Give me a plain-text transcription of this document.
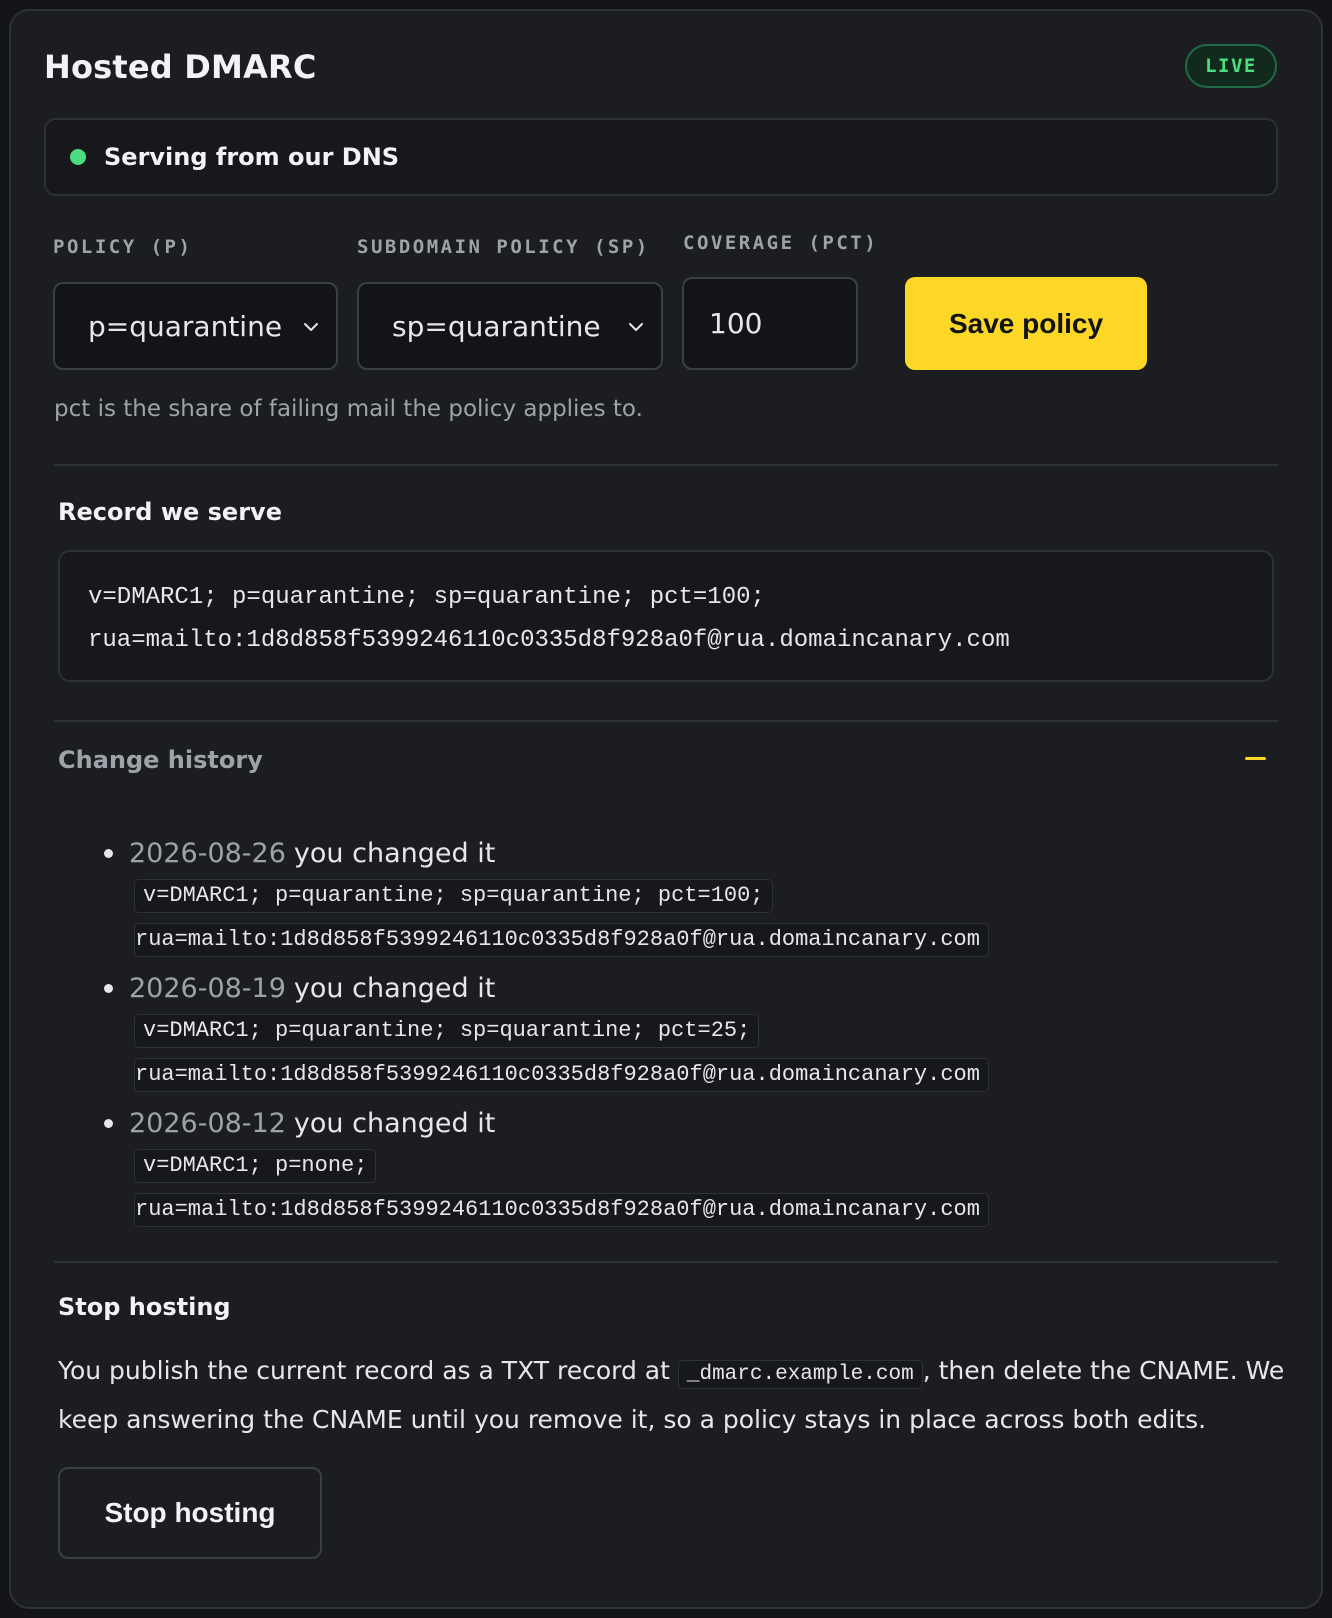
Hosted DMARC	LIVE
Serving from our DNS
POLICY (P)
p=quarantine
SUBDOMAIN POLICY (SP)
sp=quarantine
COVERAGE (PCT)
100	Save policy
pct is the share of failing mail the policy applies to.
Record we serve
v=DMARC1; p=quarantine; sp=quarantine; pct=100;
rua=mailto:1d8d858f5399246110c0335d8f928a0f@rua.domaincanary.com
Change history
2026-08-26 you changed it
v=DMARC1; p=quarantine; sp=quarantine; pct=100;
rua=mailto:1d8d858f5399246110c0335d8f928a0f@rua.domaincanary.com
2026-08-19 you changed it
v=DMARC1; p=quarantine; sp=quarantine; pct=25;
rua=mailto:1d8d858f5399246110c0335d8f928a0f@rua.domaincanary.com
2026-08-12 you changed it
v=DMARC1; p=none;
rua=mailto:1d8d858f5399246110c0335d8f928a0f@rua.domaincanary.com
Stop hosting
You publish the current record as a TXT record at _dmarc.example.com , then delete the CNAME. We keep answering the CNAME until you remove it, so a policy stays in place across both edits.
Stop hosting
